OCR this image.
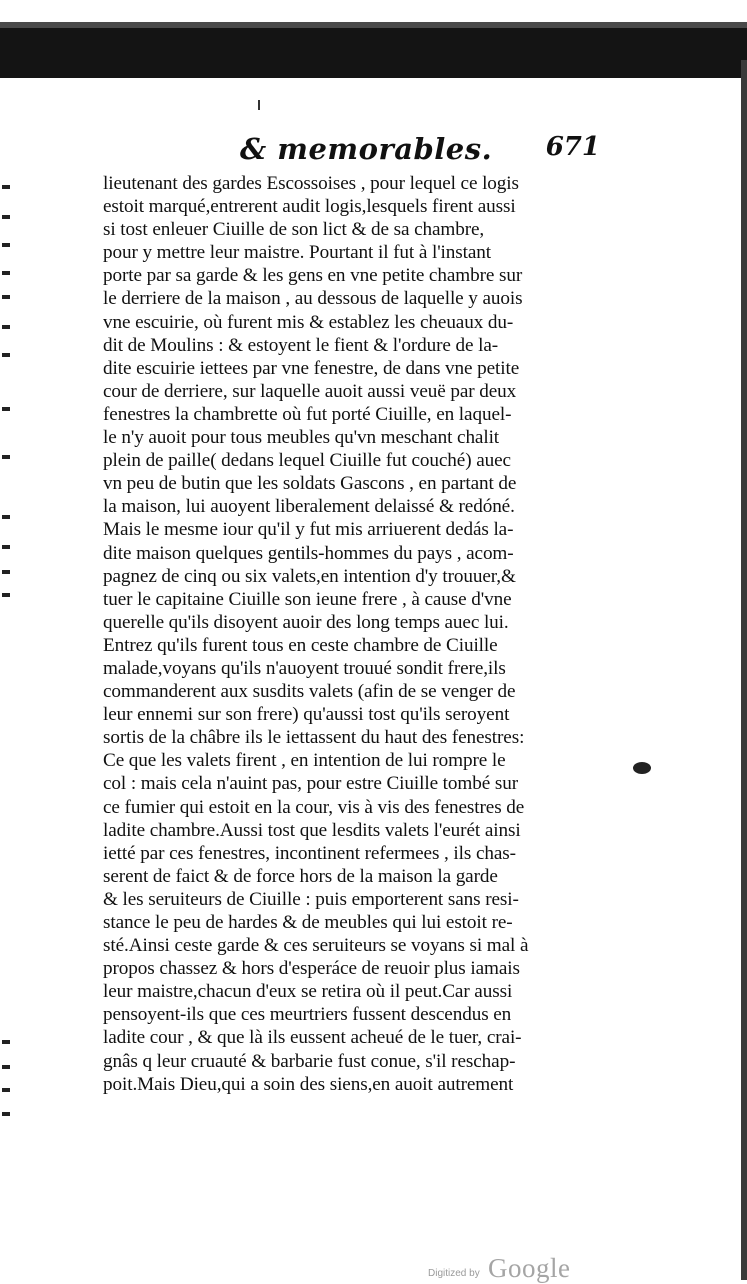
& memorables. 671
lieutenant des gardes Escossoises , pour lequel ce logis
estoit marqué,entrerent audit logis,lesquels firent aussi
si tost enleuer Ciuille de son lict & de sa chambre,
pour y mettre leur maistre. Pourtant il fut à l'instant
porte par sa garde & les gens en vne petite chambre sur
le derriere de la maison , au dessous de laquelle y auois
vne escuirie, où furent mis & establez les cheuaux du-
dit de Moulins : & estoyent le fient & l'ordure de la-
dite escuirie iettees par vne fenestre, de dans vne petite
cour de derriere, sur laquelle auoit aussi veuë par deux
fenestres la chambrette où fut porté Ciuille, en laquel-
le n'y auoit pour tous meubles qu'vn meschant chalit
plein de paille( dedans lequel Ciuille fut couché) auec
vn peu de butin que les soldats Gascons , en partant de
la maison, lui auoyent liberalement delaissé & redóné.
Mais le mesme iour qu'il y fut mis arriuerent dedás la-
dite maison quelques gentils-hommes du pays , acom-
pagnez de cinq ou six valets,en intention d'y trouuer,&
tuer le capitaine Ciuille son ieune frere , à cause d'vne
querelle qu'ils disoyent auoir des long temps auec lui.
Entrez qu'ils furent tous en ceste chambre de Ciuille
malade,voyans qu'ils n'auoyent trouué sondit frere,ils
commanderent aux susdits valets (afin de se venger de
leur ennemi sur son frere) qu'aussi tost qu'ils seroyent
sortis de la châbre ils le iettassent du haut des fenestres:
Ce que les valets firent , en intention de lui rompre le
col : mais cela n'auint pas, pour estre Ciuille tombé sur
ce fumier qui estoit en la cour, vis à vis des fenestres de
ladite chambre.Aussi tost que lesdits valets l'eurét ainsi
ietté par ces fenestres, incontinent refermees , ils chas-
serent de faict & de force hors de la maison la garde
& les seruiteurs de Ciuille : puis emporterent sans resi-
stance le peu de hardes & de meubles qui lui estoit re-
sté.Ainsi ceste garde & ces seruiteurs se voyans si mal à
propos chassez & hors d'esperáce de reuoir plus iamais
leur maistre,chacun d'eux se retira où il peut.Car aussi
pensoyent-ils que ces meurtriers fussent descendus en
ladite cour , & que là ils eussent acheué de le tuer, crai-
gnâs q leur cruauté & barbarie fust conue, s'il reschap-
poit.Mais Dieu,qui a soin des siens,en auoit autrement
Digitized by Google
